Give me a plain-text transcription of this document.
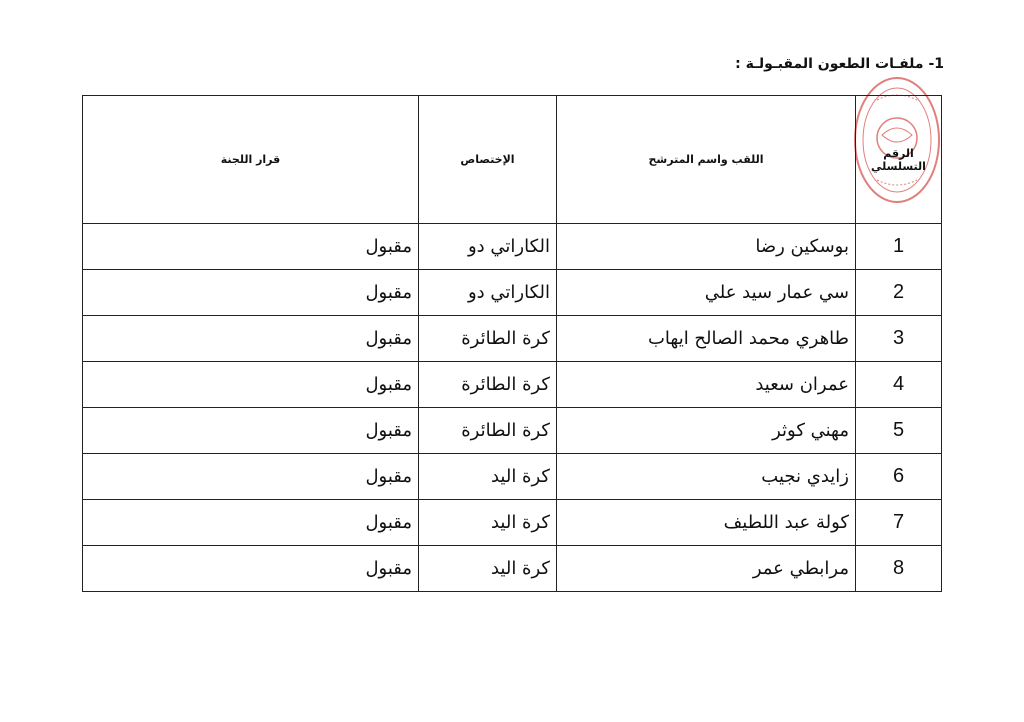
1- ملفـات الطعون المقبـولـة :
الرقم التسلسلي	اللقب واسم المترشح	الإختصاص	قرار اللجنة
1	بوسكين رضا	الكاراتي دو	مقبول
2	سي عمار سيد علي	الكاراتي دو	مقبول
3	طاهري محمد الصالح ايهاب	كرة الطائرة	مقبول
4	عمران سعيد	كرة الطائرة	مقبول
5	مهني كوثر	كرة الطائرة	مقبول
6	زايدي نجيب	كرة اليد	مقبول
7	كولة عبد اللطيف	كرة اليد	مقبول
8	مرابطي عمر	كرة اليد	مقبول
